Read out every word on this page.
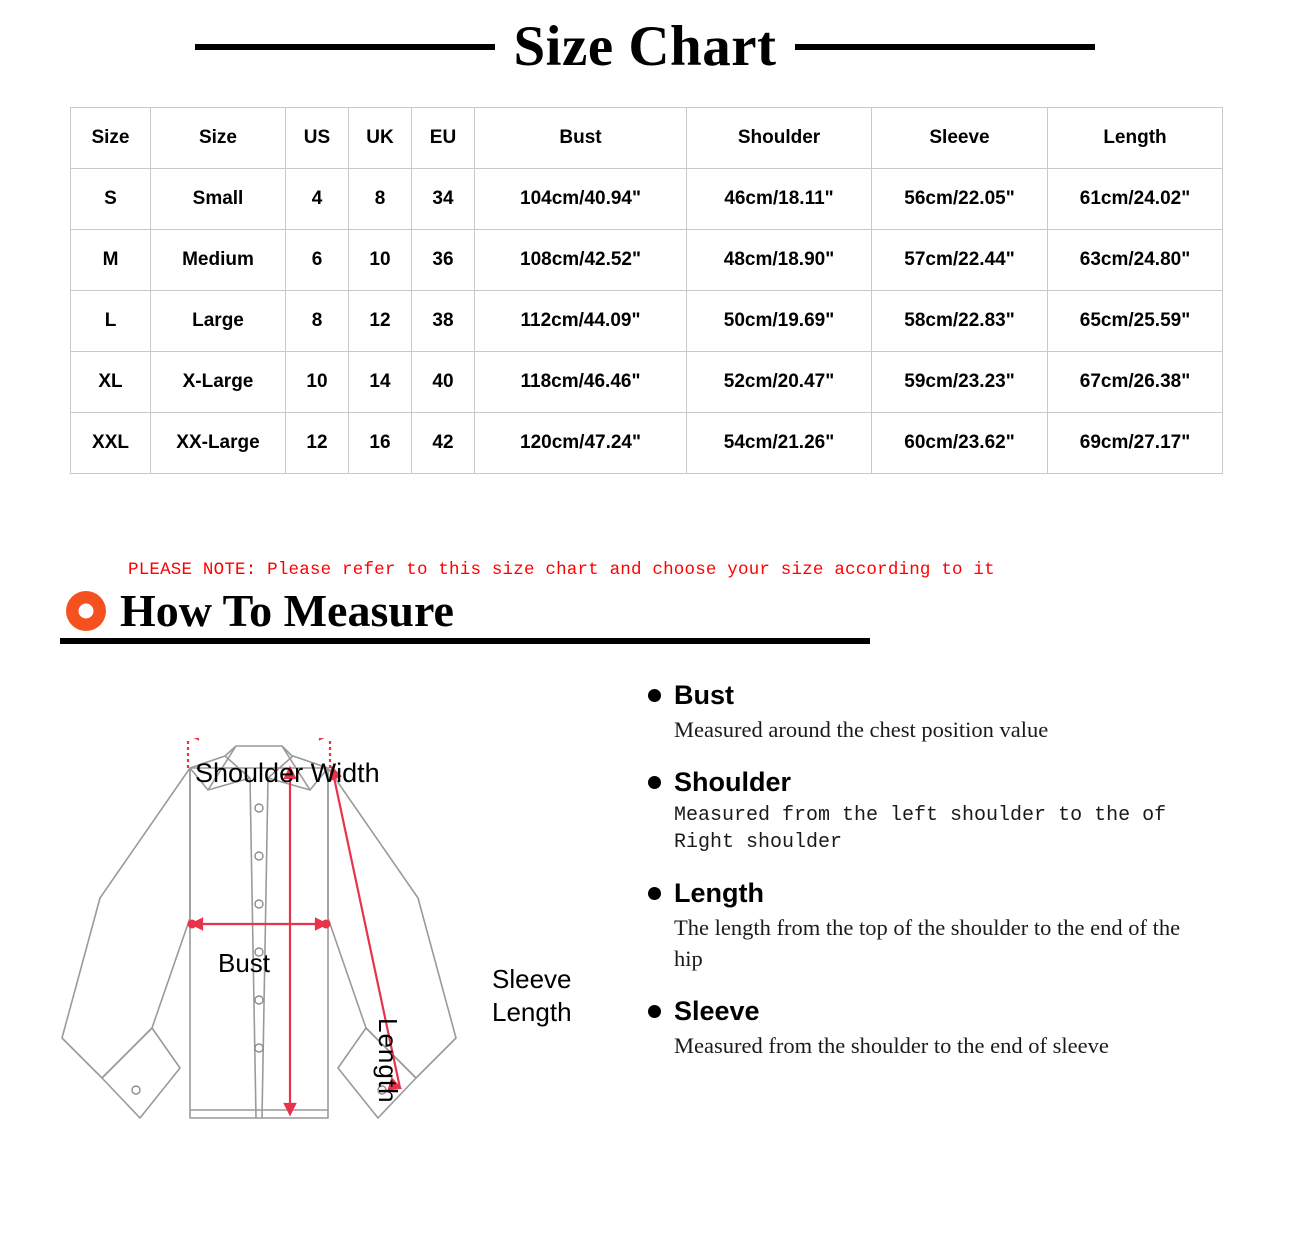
Size Chart
Size	Size	US	UK	EU	Bust	Shoulder	Sleeve	Length
S	Small	4	8	34	104cm/40.94"	46cm/18.11"	56cm/22.05"	61cm/24.02"
M	Medium	6	10	36	108cm/42.52"	48cm/18.90"	57cm/22.44"	63cm/24.80"
L	Large	8	12	38	112cm/44.09"	50cm/19.69"	58cm/22.83"	65cm/25.59"
XL	X-Large	10	14	40	118cm/46.46"	52cm/20.47"	59cm/23.23"	67cm/26.38"
XXL	XX-Large	12	16	42	120cm/47.24"	54cm/21.26"	60cm/23.62"	69cm/27.17"
PLEASE NOTE: Please refer to this size chart and choose your size according to it
How To Measure
Shoulder Width
Bust
Sleeve
Length
Length
Bust
Measured around the chest position value
Shoulder
Measured from the left shoulder to the of Right shoulder
Length
The length from the top of the shoulder to the end of the hip
Sleeve
Measured from the shoulder to the end of sleeve
